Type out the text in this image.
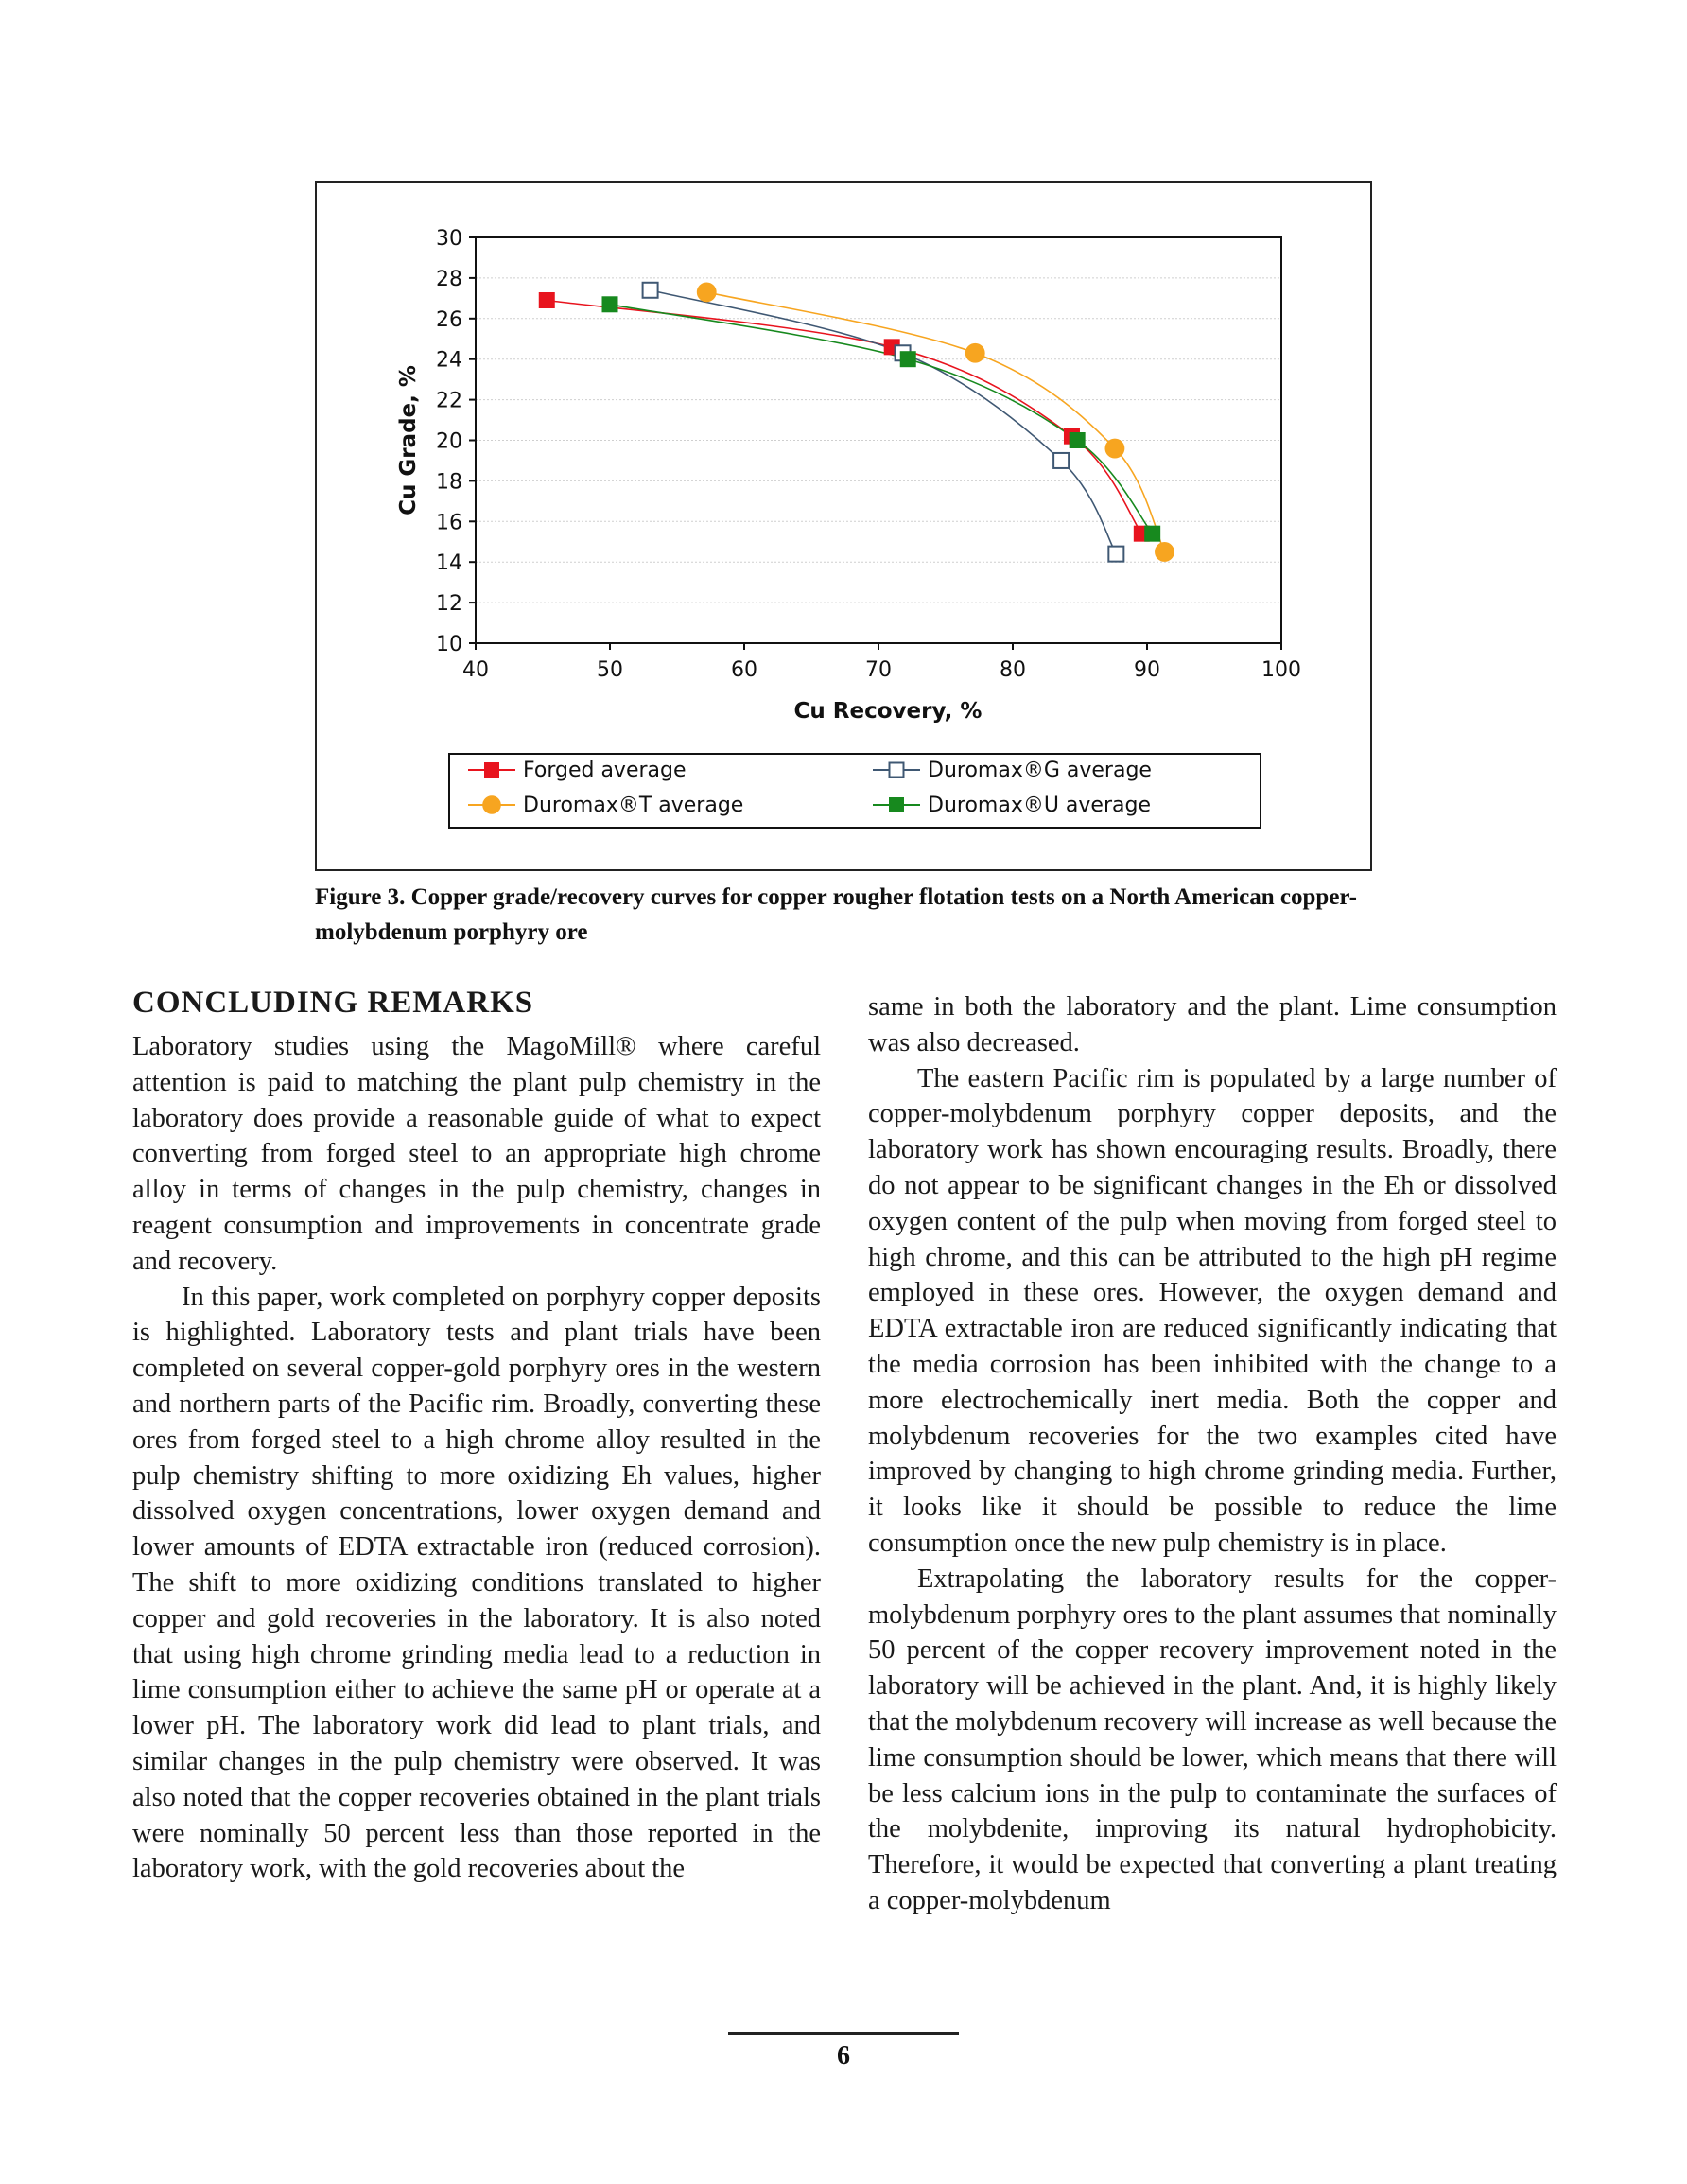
10
12
14
16
18
20
22
24
26
28
30
40	50	60	70	80	90	100
Cu Recovery, %
Cu Grade, %
Forged average	Duromax®G average
Duromax®T average	Duromax®U average
Figure 3. Copper grade/recovery curves for copper rougher flotation tests on a North American copper-molybdenum porphyry ore
CONCLUDING REMARKS

Laboratory studies using the MagoMill® where careful attention is paid to matching the plant pulp chemistry in the laboratory does provide a reasonable guide of what to expect converting from forged steel to an appropriate high chrome alloy in terms of changes in the pulp chemistry, changes in reagent consumption and improvements in concentrate grade and recovery.

In this paper, work completed on porphyry copper deposits is highlighted. Laboratory tests and plant trials have been completed on several copper-gold porphyry ores in the western and northern parts of the Pacific rim. Broadly, converting these ores from forged steel to a high chrome alloy resulted in the pulp chemistry shifting to more oxidizing Eh values, higher dissolved oxygen concentrations, lower oxygen demand and lower amounts of EDTA extractable iron (reduced corrosion). The shift to more oxidizing conditions translated to higher copper and gold recoveries in the laboratory. It is also noted that using high chrome grinding media lead to a reduction in lime consumption either to achieve the same pH or operate at a lower pH. The laboratory work did lead to plant trials, and similar changes in the pulp chemistry were observed. It was also noted that the copper recoveries obtained in the plant trials were nominally 50 percent less than those reported in the laboratory work, with the gold recoveries about the

same in both the laboratory and the plant. Lime consumption was also decreased.

The eastern Pacific rim is populated by a large number of copper-molybdenum porphyry copper deposits, and the laboratory work has shown encouraging results. Broadly, there do not appear to be significant changes in the Eh or dissolved oxygen content of the pulp when moving from forged steel to high chrome, and this can be attributed to the high pH regime employed in these ores. However, the oxygen demand and EDTA extractable iron are reduced significantly indicating that the media corrosion has been inhibited with the change to a more electrochemically inert media. Both the copper and molybdenum recoveries for the two examples cited have improved by changing to high chrome grinding media. Further, it looks like it should be possible to reduce the lime consumption once the new pulp chemistry is in place.

Extrapolating the laboratory results for the copper-molybdenum porphyry ores to the plant assumes that nominally 50 percent of the copper recovery improvement noted in the laboratory will be achieved in the plant. And, it is highly likely that the molybdenum recovery will increase as well because the lime consumption should be lower, which means that there will be less calcium ions in the pulp to contaminate the surfaces of the molybdenite, improving its natural hydrophobicity. Therefore, it would be expected that converting a plant treating a copper-molybdenum

6
